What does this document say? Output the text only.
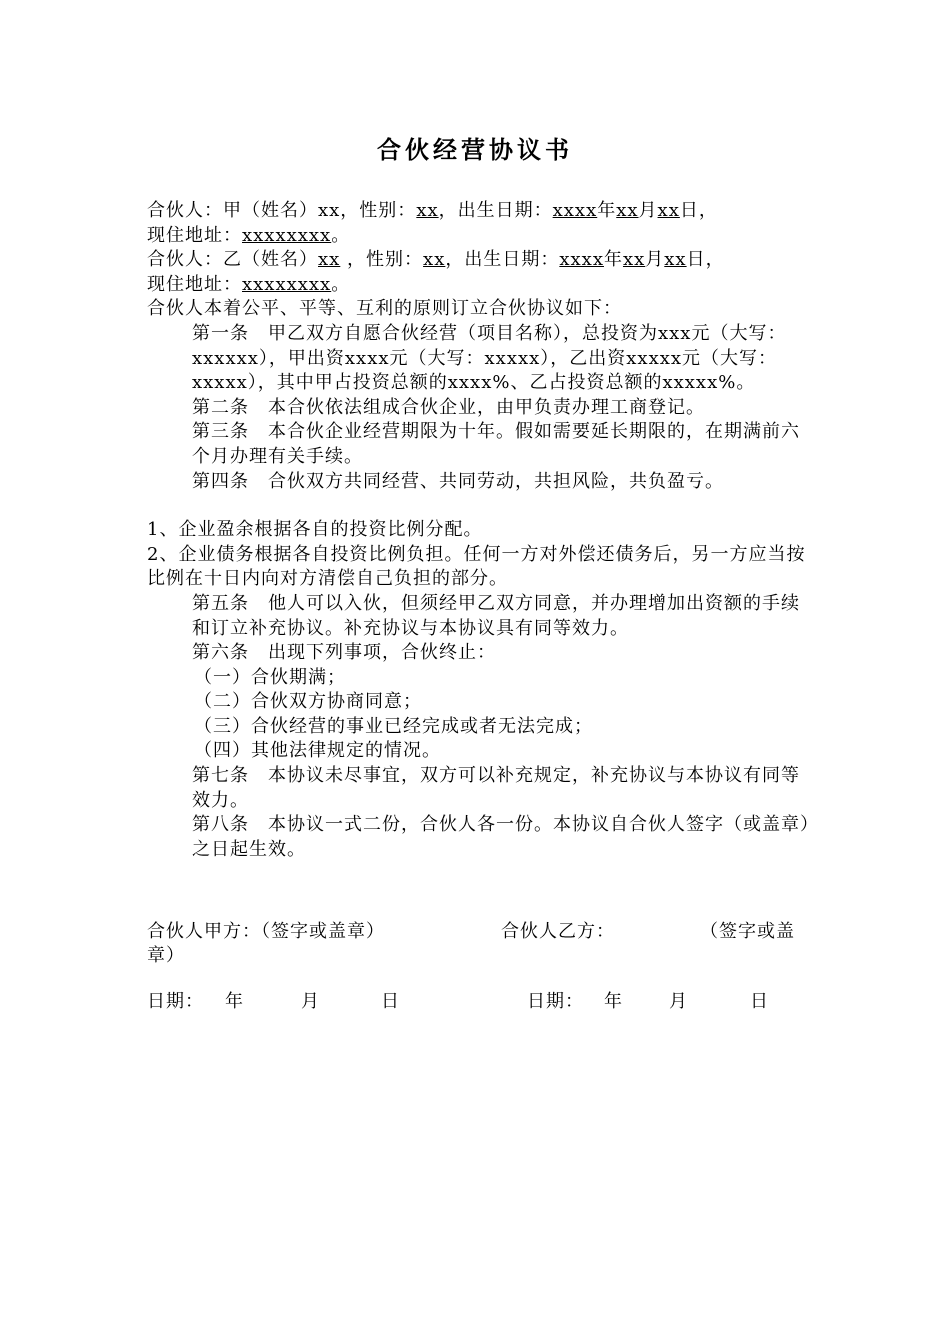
合伙经营协议书

合伙人：甲（姓名）xx，性别：xx，出生日期：xxxx年xx月xx日，

现住地址：xxxxxxxx。

合伙人：乙（姓名）xx ，性别：xx，出生日期：xxxx年xx月xx日，

现住地址：xxxxxxxx。

合伙人本着公平、平等、互利的原则订立合伙协议如下：

第一条　甲乙双方自愿合伙经营（项目名称），总投资为xxx元（大写：xxxxxx），甲出资xxxx元（大写：xxxxx），乙出资xxxxx元（大写：xxxxx），其中甲占投资总额的xxxx%、乙占投资总额的xxxxx%。

第二条　本合伙依法组成合伙企业，由甲负责办理工商登记。

第三条　本合伙企业经营期限为十年。假如需要延长期限的，在期满前六个月办理有关手续。

第四条　合伙双方共同经营、共同劳动，共担风险，共负盈亏。

1、企业盈余根据各自的投资比例分配。

2、企业债务根据各自投资比例负担。任何一方对外偿还债务后，另一方应当按比例在十日内向对方清偿自己负担的部分。

第五条　他人可以入伙，但须经甲乙双方同意，并办理增加出资额的手续和订立补充协议。补充协议与本协议具有同等效力。

第六条　出现下列事项，合伙终止：

（一）合伙期满；

（二）合伙双方协商同意；

（三）合伙经营的事业已经完成或者无法完成；

（四）其他法律规定的情况。

第七条　本协议未尽事宜，双方可以补充规定，补充协议与本协议有同等效力。

第八条　本协议一式二份，合伙人各一份。本协议自合伙人签字（或盖章）之日起生效。

合伙人甲方：（签字或盖章）	合伙人乙方：	（签字或盖
章）
日期： 年	月	日	日期： 年	月	日
